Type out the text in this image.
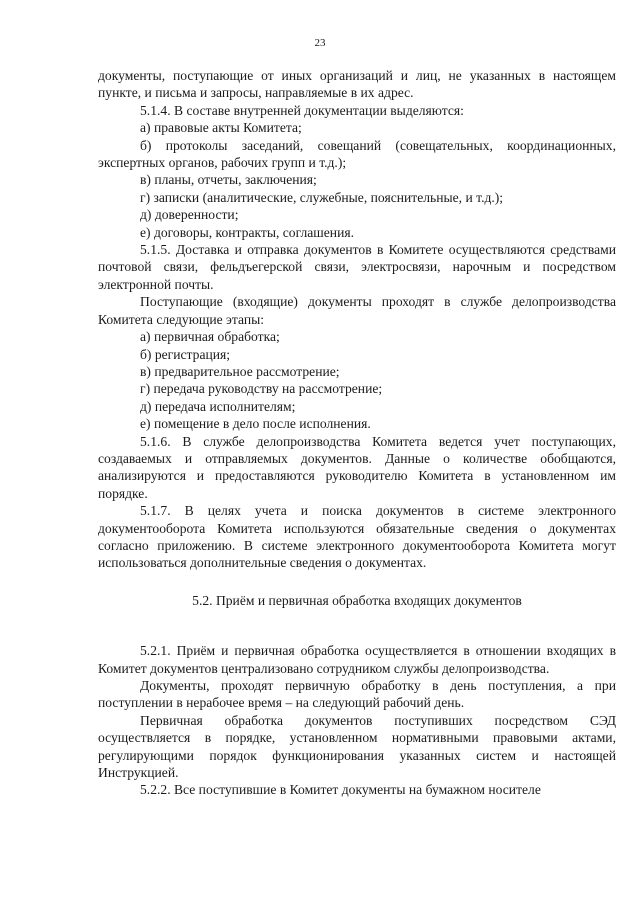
23

документы, поступающие от иных организаций и лиц, не указанных в настоящем пункте, и письма и запросы, направляемые в их адрес.

5.1.4. В составе внутренней документации выделяются:

а) правовые акты Комитета;

б) протоколы заседаний, совещаний (совещательных, координационных, экспертных органов, рабочих групп и т.д.);

в) планы, отчеты, заключения;

г) записки (аналитические, служебные, пояснительные, и т.д.);

д) доверенности;

е) договоры, контракты, соглашения.

5.1.5. Доставка и отправка документов в Комитете осуществляются средствами почтовой связи, фельдъегерской связи, электросвязи, нарочным и посредством электронной почты.

Поступающие (входящие) документы проходят в службе делопроизводства Комитета следующие этапы:

а) первичная обработка;

б) регистрация;

в) предварительное рассмотрение;

г) передача руководству на рассмотрение;

д) передача исполнителям;

е) помещение в дело после исполнения.

5.1.6. В службе делопроизводства Комитета ведется учет поступающих, создаваемых и отправляемых документов. Данные о количестве обобщаются, анализируются и предоставляются руководителю Комитета в установленном им порядке.

5.1.7. В целях учета и поиска документов в системе электронного документооборота Комитета используются обязательные сведения о документах согласно приложению. В системе электронного документооборота Комитета могут использоваться дополнительные сведения о документах.

5.2. Приём и первичная обработка входящих документов

5.2.1. Приём и первичная обработка осуществляется в отношении входящих в Комитет документов централизовано сотрудником службы делопроизводства.

Документы, проходят первичную обработку в день поступления, а при поступлении в нерабочее время – на следующий рабочий день.

Первичная обработка документов поступивших посредством СЭД осуществляется в порядке, установленном нормативными правовыми актами, регулирующими порядок функционирования указанных систем и настоящей Инструкцией.

5.2.2. Все поступившие в Комитет документы на бумажном носителе
